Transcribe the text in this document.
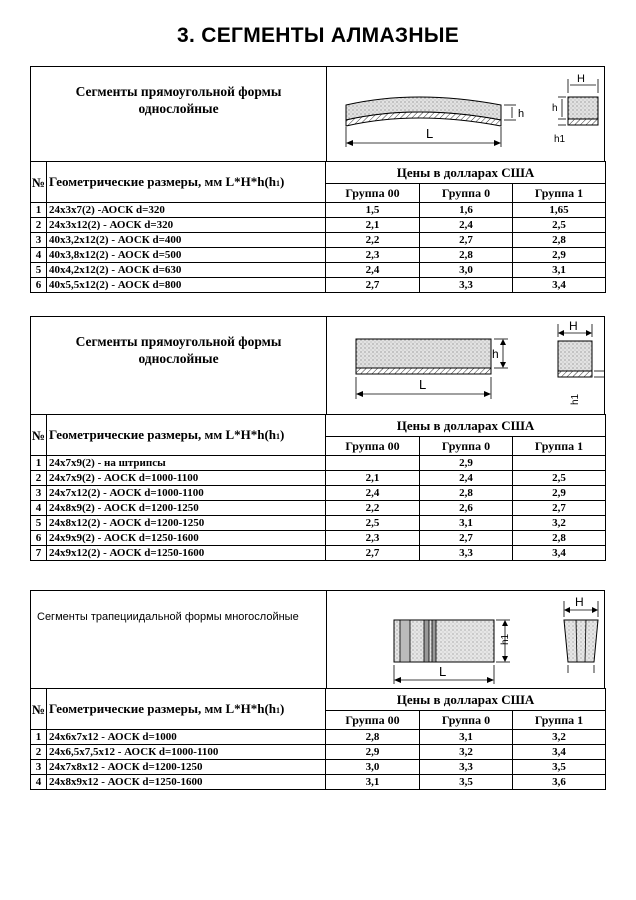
3. СЕГМЕНТЫ АЛМАЗНЫЕ
Сегменты прямоугольной формы
однослойные
L
h
H
h
h1
№	Геометрические размеры, мм L*H*h(h1)	Цены в долларах США		
		Группа 00	Группа 0	Группа 1
1	24х3х7(2) -АОСК d=320	1,5	1,6	1,65
2	24х3х12(2) - АОСК d=320	2,1	2,4	2,5
3	40х3,2х12(2) - АОСК d=400	2,2	2,7	2,8
4	40х3,8х12(2) - АОСК d=500	2,3	2,8	2,9
5	40х4,2х12(2) - АОСК d=630	2,4	3,0	3,1
6	40х5,5х12(2) - АОСК d=800	2,7	3,3	3,4
Сегменты прямоугольной формы
однослойные
L
h
H
h1
№	Геометрические размеры, мм L*H*h(h1)	Цены в долларах США		
		Группа 00	Группа 0	Группа 1
1	24х7х9(2) - на штрипсы		2,9	
2	24х7х9(2) - АОСК d=1000-1100	2,1	2,4	2,5
3	24х7х12(2) - АОСК d=1000-1100	2,4	2,8	2,9
4	24х8х9(2) - АОСК d=1200-1250	2,2	2,6	2,7
5	24х8х12(2) - АОСК d=1200-1250	2,5	3,1	3,2
6	24х9х9(2) - АОСК d=1250-1600	2,3	2,7	2,8
7	24х9х12(2) - АОСК d=1250-1600	2,7	3,3	3,4
Сегменты трапециидальной формы многослойные
h1
L
H
№	Геометрические размеры, мм L*H*h(h1)	Цены в долларах США		
		Группа 00	Группа 0	Группа 1
1	24х6х7х12 - АОСК d=1000	2,8	3,1	3,2
2	24х6,5х7,5х12 - АОСК d=1000-1100	2,9	3,2	3,4
3	24х7х8х12 - АОСК d=1200-1250	3,0	3,3	3,5
4	24х8х9х12 - АОСК d=1250-1600	3,1	3,5	3,6
